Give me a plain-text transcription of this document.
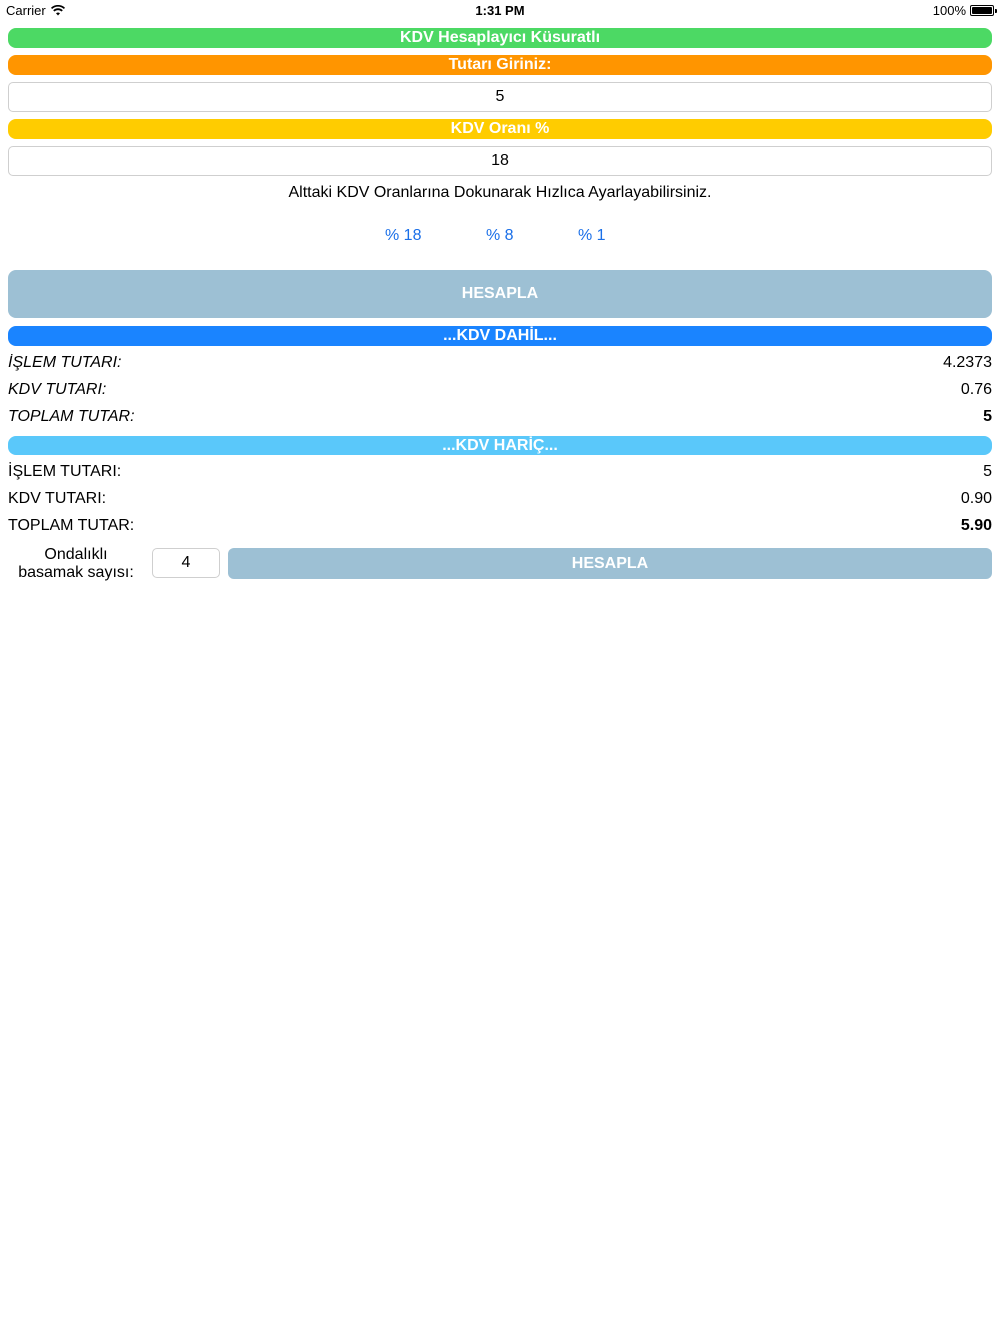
Carrier	1:31 PM	100%
KDV Hesaplayıcı Küsuratlı
Tutarı Giriniz:
5
KDV Oranı %
18
Alttaki KDV Oranlarına Dokunarak Hızlıca Ayarlayabilirsiniz.
% 18	% 8	% 1
HESAPLA
...KDV DAHİL...
İŞLEM TUTARI:	4.2373
KDV TUTARI:	0.76
TOPLAM TUTAR:	5
...KDV HARİÇ...
İŞLEM TUTARI:	5
KDV TUTARI:	0.90
TOPLAM TUTAR:	5.90
Ondalıklı
basamak sayısı:
4	HESAPLA
